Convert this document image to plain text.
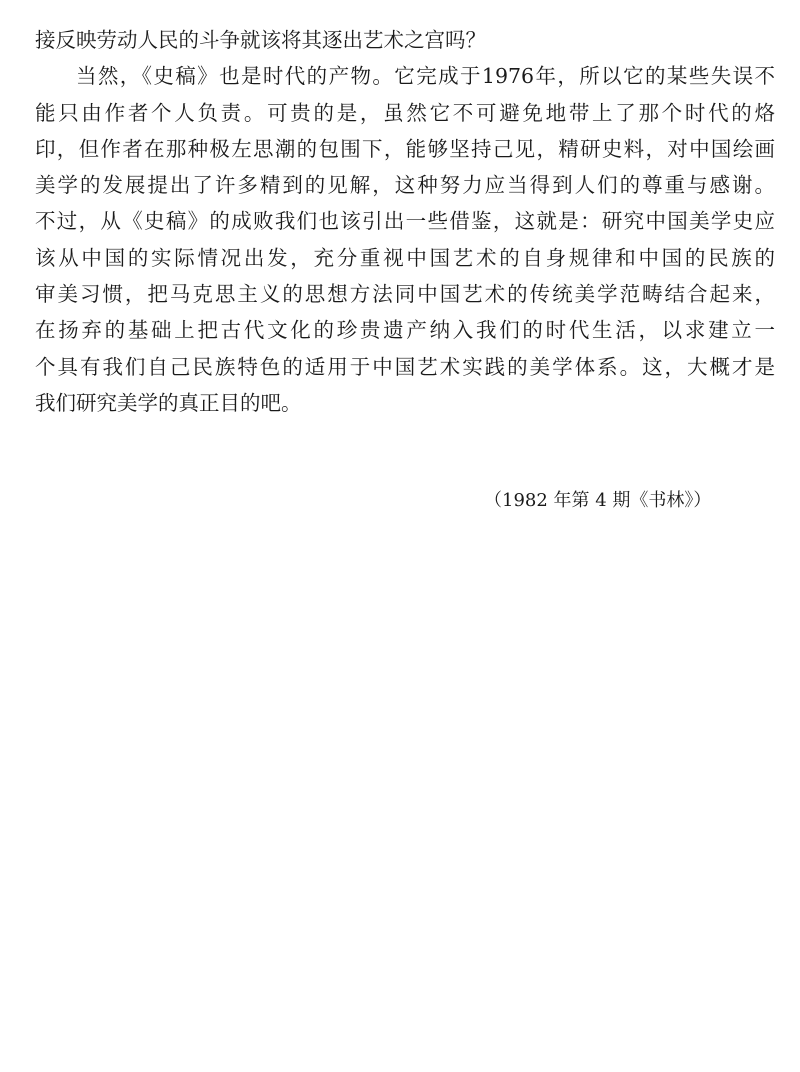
接反映劳动人民的斗争就该将其逐出艺术之宫吗？
当然，《史稿》也是时代的产物。它完成于1976年，所以它的某些失误不
能只由作者个人负责。可贵的是，虽然它不可避免地带上了那个时代的烙
印，但作者在那种极左思潮的包围下，能够坚持己见，精研史料，对中国绘画
美学的发展提出了许多精到的见解，这种努力应当得到人们的尊重与感谢。
不过，从《史稿》的成败我们也该引出一些借鉴，这就是：研究中国美学史应
该从中国的实际情况出发，充分重视中国艺术的自身规律和中国的民族的
审美习惯，把马克思主义的思想方法同中国艺术的传统美学范畴结合起来，
在扬弃的基础上把古代文化的珍贵遗产纳入我们的时代生活，以求建立一
个具有我们自己民族特色的适用于中国艺术实践的美学体系。这，大概才是
我们研究美学的真正目的吧。
（1982 年第 4 期《书林》）
